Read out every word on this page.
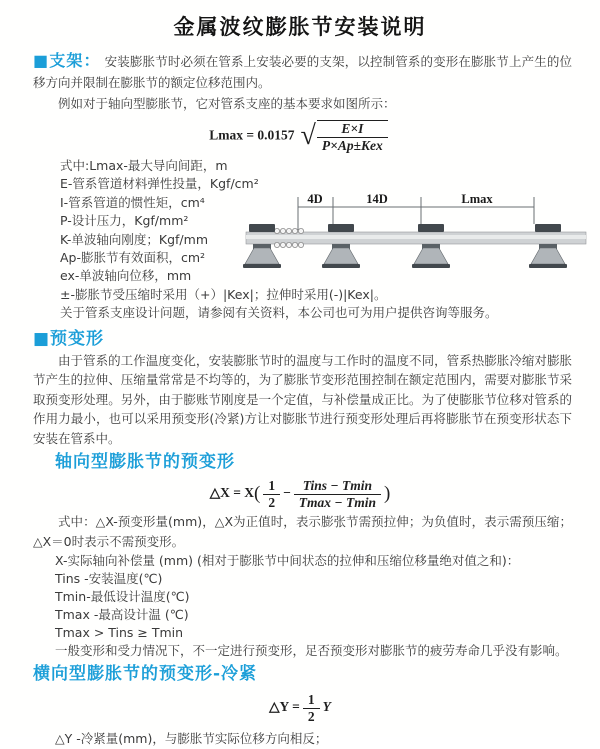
金属波纹膨胀节安装说明

■支架： 安装膨胀节时必须在管系上安装必要的支架，以控制管系的变形在膨胀节上产生的位移方向并限制在膨胀节的额定位移范围内。

例如对于轴向型膨胀节，它对管系支座的基本要求如图所示：

Lmax = 0.0157 √ $\frac{E\times I}{\text{P×Ap±Kex}}$

式中:Lmax-最大导向间距，m

E-管系管道材料弹性投量，Kgf/cm²

I-管系管道的惯性矩，cm⁴

P-设计压力，Kgf/mm²

K-单波轴向刚度；Kgf/mm

Ap-膨胀节有效面积，cm²

ex-单波轴向位移，mm

±-膨胀节受压缩时采用（+）|Kex|；拉伸时采用(-)|Kex|。

关于管系支座设计问题，请参阅有关资料，本公司也可为用户提供咨询等服务。

4D	14D	Lmax
■预变形

由于管系的工作温度变化，安装膨胀节时的温度与工作时的温度不同，管系热膨胀冷缩对膨胀节产生的拉伸、压缩量常常是不均等的，为了膨胀节变形范围控制在额定范围内，需要对膨胀节采取预变形处理。另外，由于膨账节刚度是一个定值，与补偿量成正比。为了使膨胀节位移对管系的作用力最小，也可以采用预变形(冷紧)方让对膨胀节进行预变形处理后再将膨胀节在预变形状态下安装在管系中。

轴向型膨胀节的预变形
△X = $X( \frac{1}{2} - \frac{\text{Tins − Tmin}}{Tmax - Tmin}$ )

式中：△X-预变形量(mm)，△X为正值时，表示膨张节需预拉伸；为负值时，表示需预压缩；△X＝0时表示不需预变形。

X-实际轴向补偿量 (mm) (相对于膨胀节中间状态的拉伸和压缩位移量绝对值之和)：

Tins -安装温度(℃)

Tmin-最低设计温度(℃)

Tmax -最高设计温 (℃)

Tmax > Tins ≥ Tmin

一般变形和受力情况下，不一定进行预变形，足否预变形对膨胀节的疲劳寿命几乎没有影响。

横向型膨胀节的预变形-冷紧
△Y = $\frac{1}{2}$ Y

△Y -冷紧量(mm)，与膨胀节实际位移方向相反；
